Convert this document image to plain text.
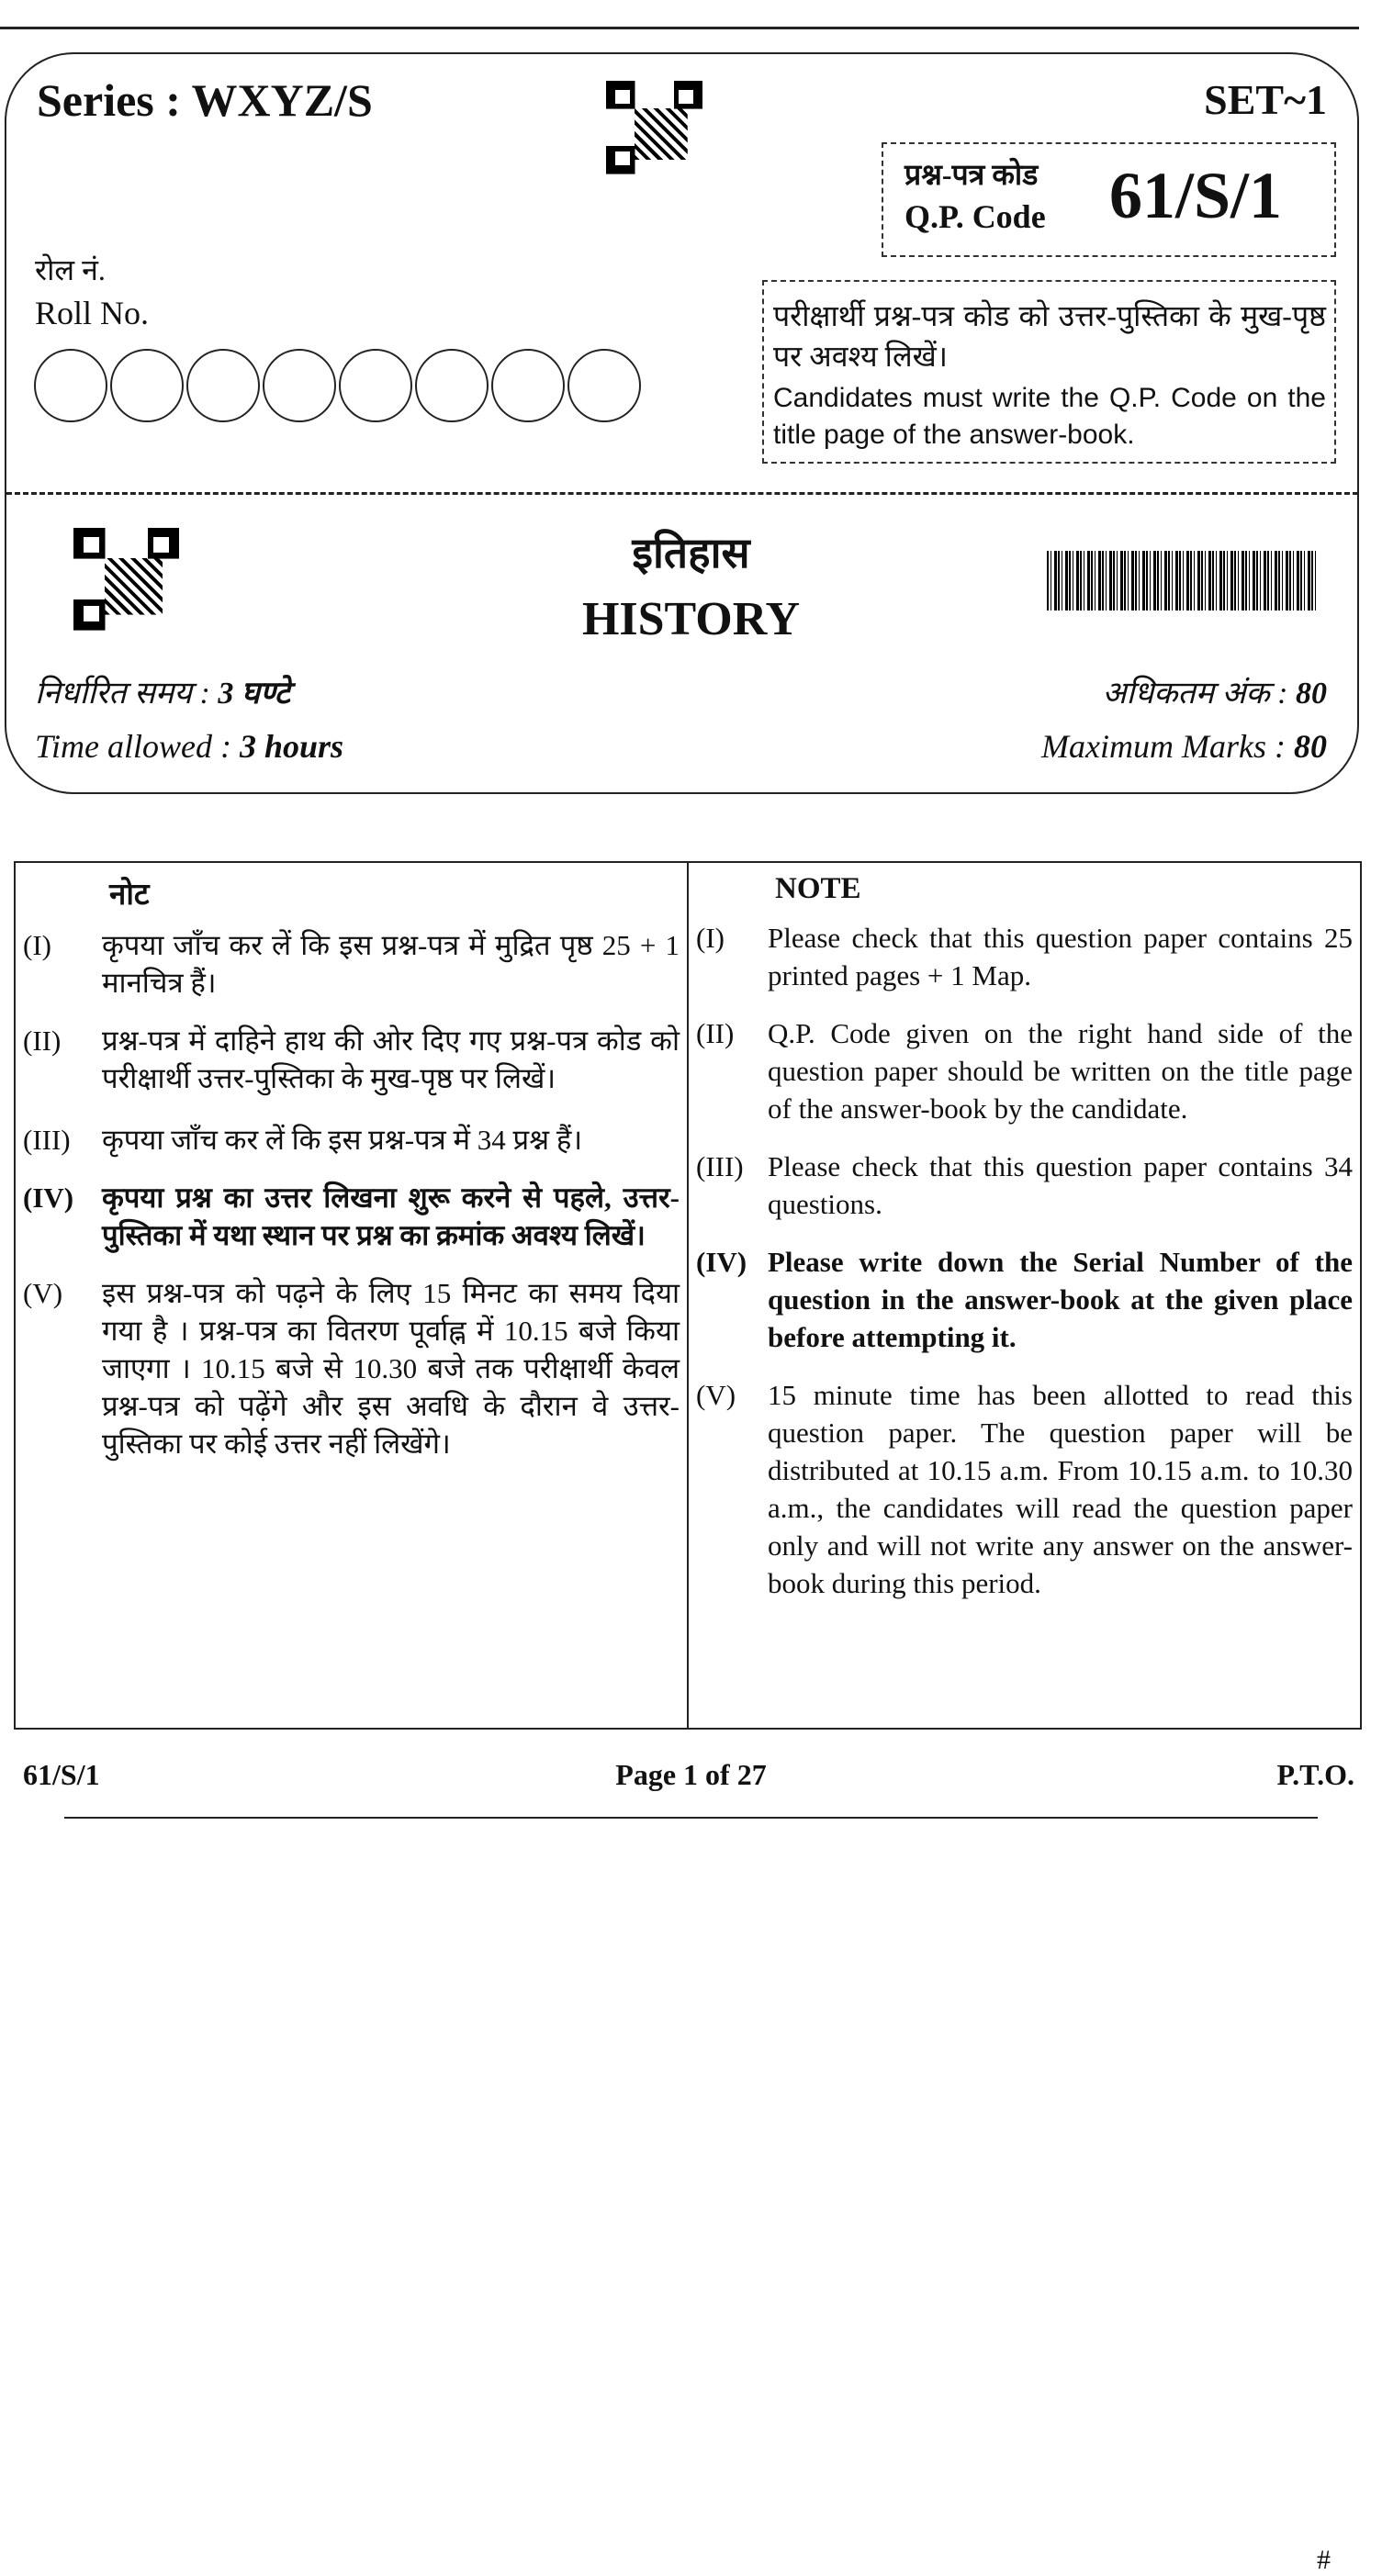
Series : WXYZ/S	SET~1
प्रश्न-पत्र कोड
Q.P. Code 61/S/1
रोल नं.
Roll No.	परीक्षार्थी प्रश्न-पत्र कोड को उत्तर-पुस्तिका के मुख-पृष्ठ पर अवश्य लिखें।
Candidates must write the Q.P. Code on the title page of the answer-book.
इतिहास
HISTORY
निर्धारित समय : 3 घण्टे
Time allowed : 3 hours
अधिकतम अंक : 80
Maximum Marks : 80
नोट
(I)	कृपया जाँच कर लें कि इस प्रश्न-पत्र में मुद्रित पृष्ठ 25 + 1 मानचित्र हैं।
(II)	प्रश्न-पत्र में दाहिने हाथ की ओर दिए गए प्रश्न-पत्र कोड को परीक्षार्थी उत्तर-पुस्तिका के मुख-पृष्ठ पर लिखें।
(III)	कृपया जाँच कर लें कि इस प्रश्न-पत्र में 34 प्रश्न हैं।
(IV) कृपया प्रश्न का उत्तर लिखना शुरू करने से पहले, उत्तर-पुस्तिका में यथा स्थान पर प्रश्न का क्रमांक अवश्य लिखें।
(V)	इस प्रश्न-पत्र को पढ़ने के लिए 15 मिनट का समय दिया गया है । प्रश्न-पत्र का वितरण पूर्वाह्न में 10.15 बजे किया जाएगा । 10.15 बजे से 10.30 बजे तक परीक्षार्थी केवल प्रश्न-पत्र को पढ़ेंगे और इस अवधि के दौरान वे उत्तर-पुस्तिका पर कोई उत्तर नहीं लिखेंगे।

NOTE
(I)	Please check that this question paper contains 25 printed pages + 1 Map.
(II)	Q.P. Code given on the right hand side of the question paper should be written on the title page of the answer-book by the candidate.
(III) Please check that this question paper contains 34 questions.
(IV) Please write down the Serial Number of the question in the answer-book at the given place before attempting it.
(V)	15 minute time has been allotted to read this question paper. The question paper will be distributed at 10.15 a.m. From 10.15 a.m. to 10.30 a.m., the candidates will read the question paper only and will not write any answer on the answer-book during this period.
#
61/S/1	Page 1 of 27	P.T.O.
